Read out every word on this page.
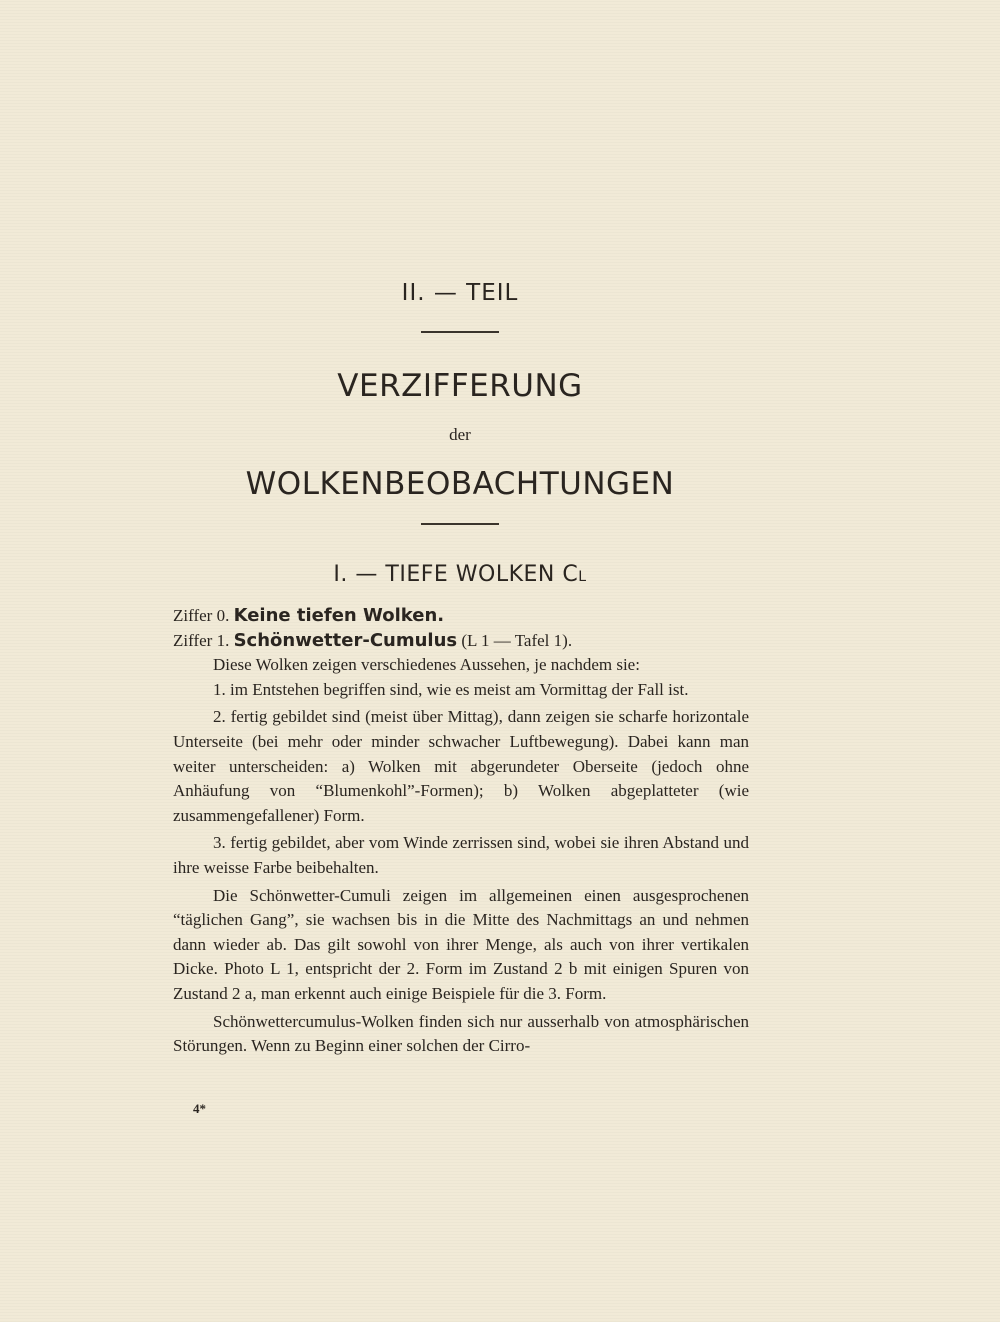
II. — TEIL
VERZIFFERUNG

der

WOLKENBEOBACHTUNGEN
I. — TIEFE WOLKEN CL

Ziffer 0. Keine tiefen Wolken.

Ziffer 1. Schönwetter-Cumulus (L 1 — Tafel 1).

Diese Wolken zeigen verschiedenes Aussehen, je nachdem sie:

1. im Entstehen begriffen sind, wie es meist am Vormittag der Fall ist.

2. fertig gebildet sind (meist über Mittag), dann zeigen sie scharfe horizontale Unterseite (bei mehr oder minder schwacher Luftbewegung). Dabei kann man weiter unterscheiden: a) Wolken mit abgerundeter Oberseite (jedoch ohne Anhäufung von “Blumenkohl”-Formen); b) Wolken abgeplatteter (wie zusammengefallener) Form.

3. fertig gebildet, aber vom Winde zerrissen sind, wobei sie ihren Abstand und ihre weisse Farbe beibehalten.

Die Schönwetter-Cumuli zeigen im allgemeinen einen ausgesprochenen “täglichen Gang”, sie wachsen bis in die Mitte des Nachmittags an und nehmen dann wieder ab. Das gilt sowohl von ihrer Menge, als auch von ihrer vertikalen Dicke. Photo L 1, entspricht der 2. Form im Zustand 2 b mit einigen Spuren von Zustand 2 a, man erkennt auch einige Beispiele für die 3. Form.

Schönwettercumulus-Wolken finden sich nur ausserhalb von atmosphärischen Störungen. Wenn zu Beginn einer solchen der Cirro-

4*
